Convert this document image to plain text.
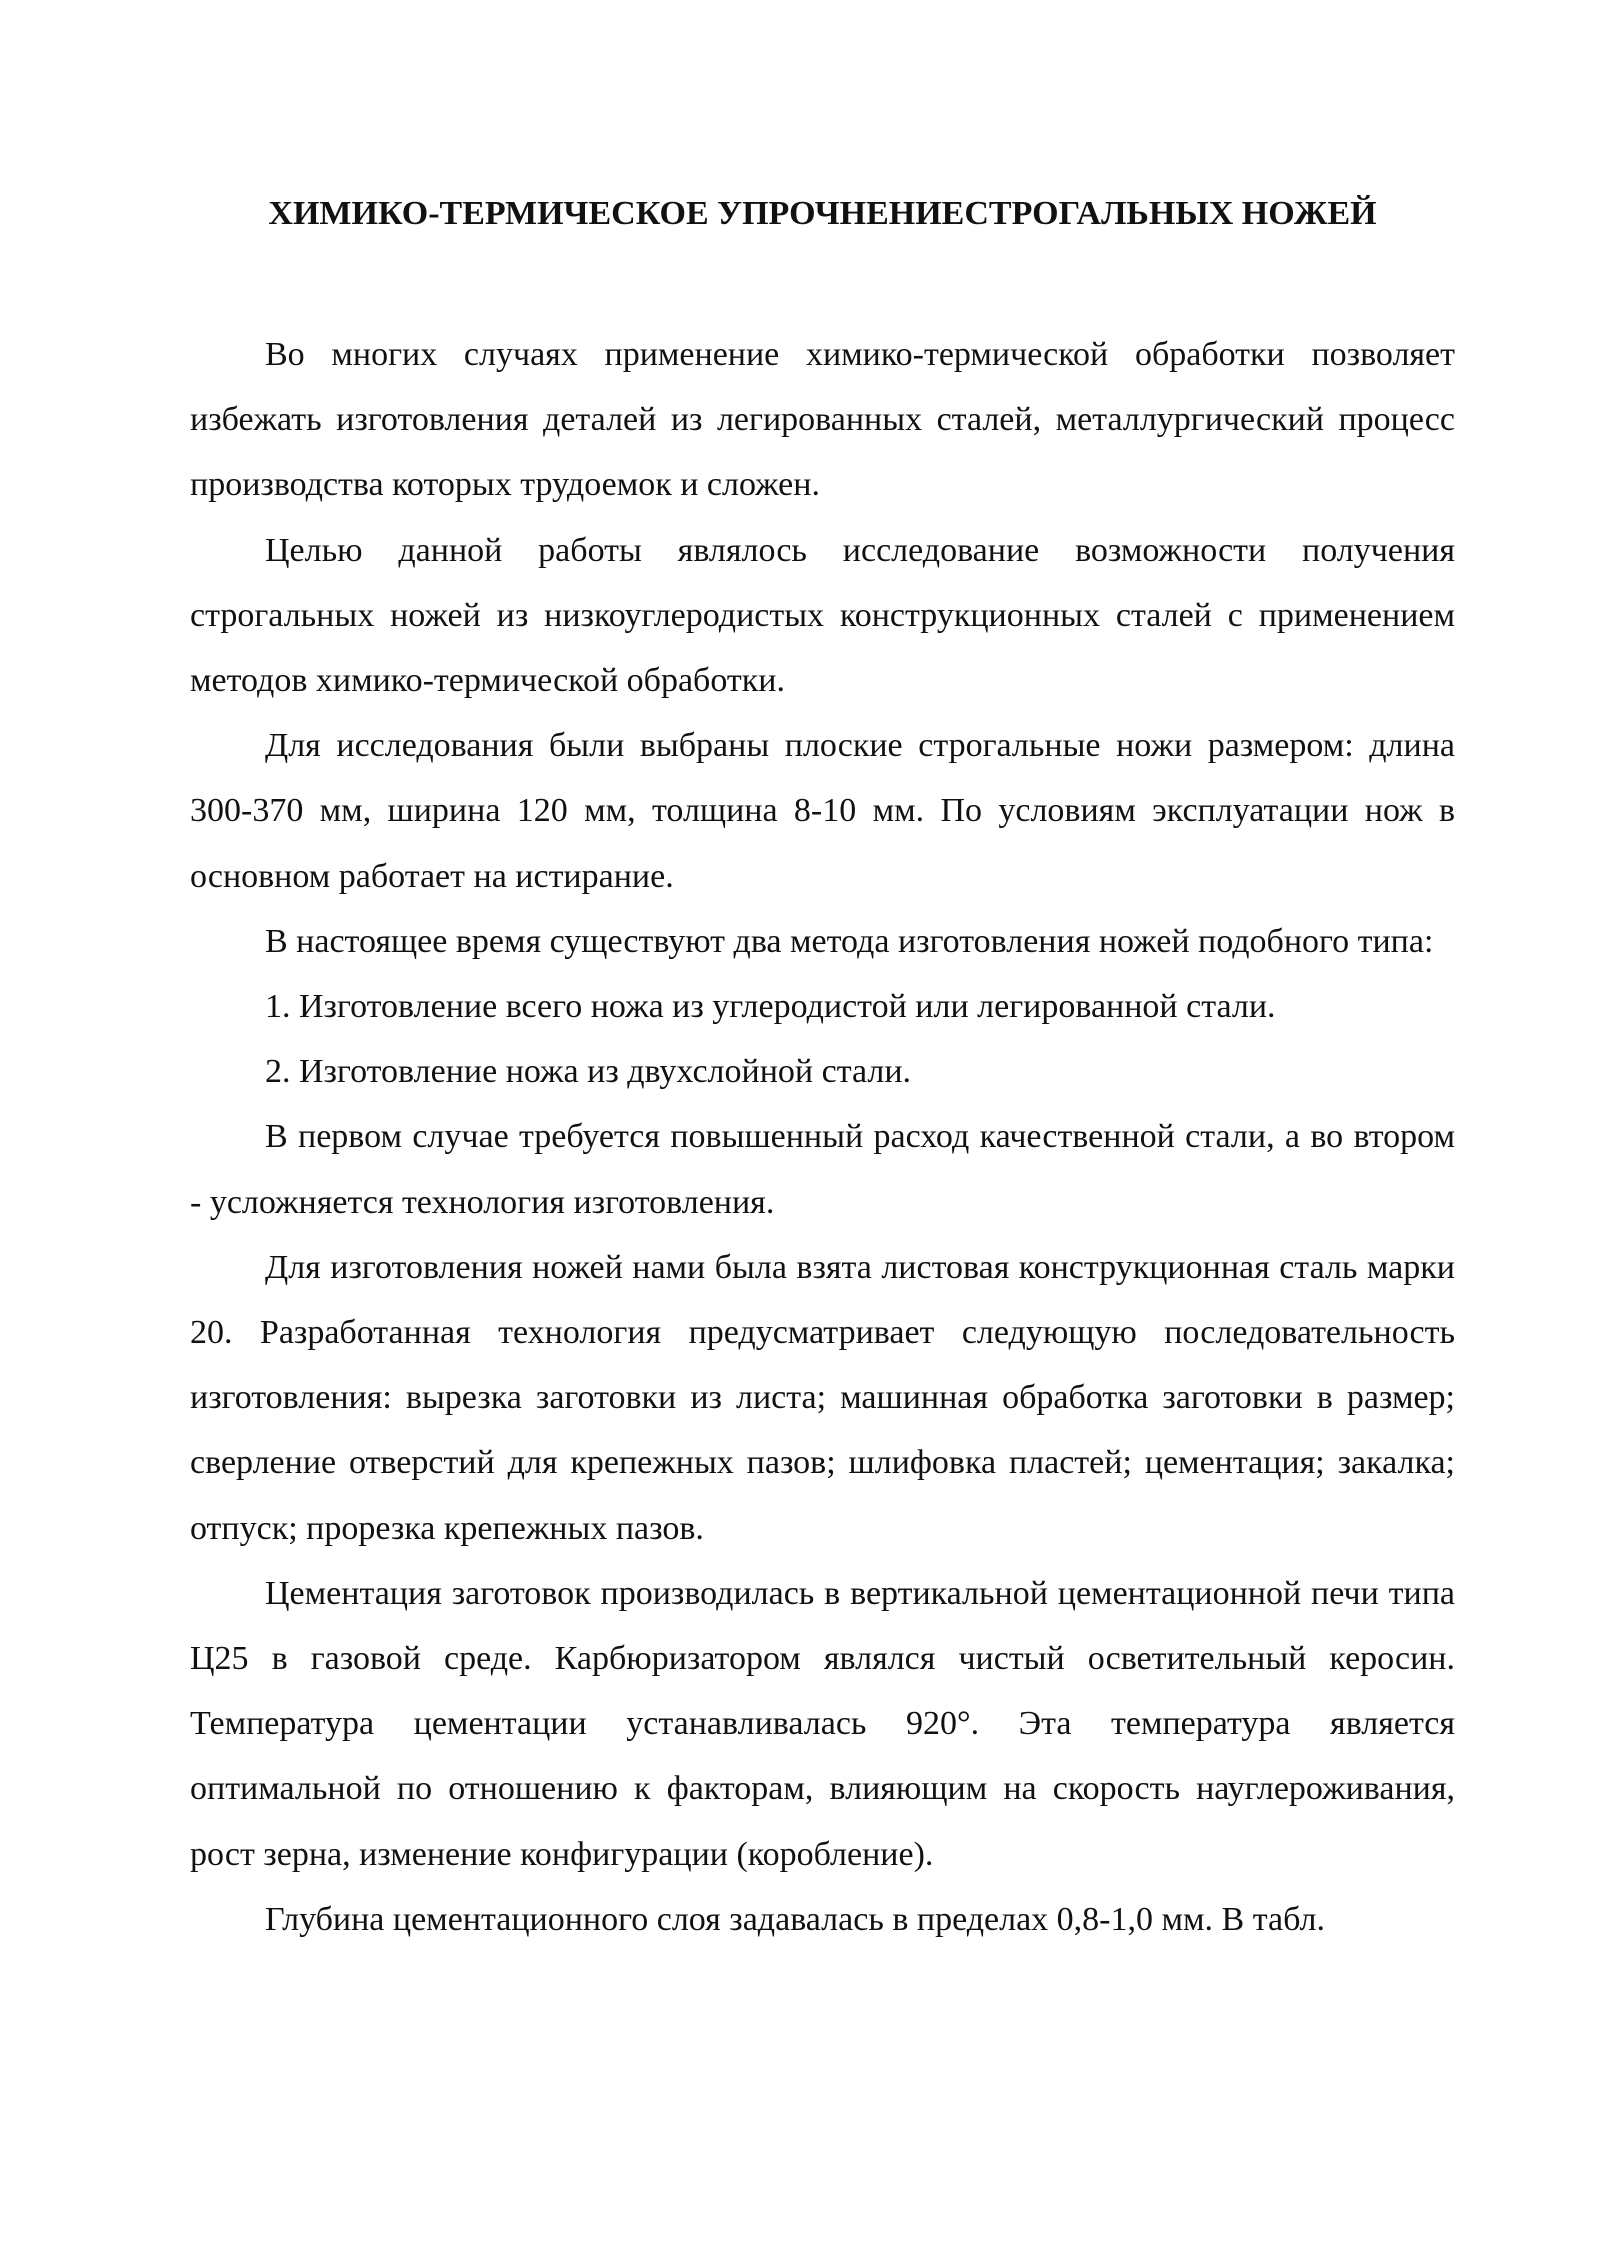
ХИМИКО-ТЕРМИЧЕСКОЕ УПРОЧНЕНИЕСТРОГАЛЬНЫХ НОЖЕЙ

Во многих случаях применение химико-термической обработки позволяет избежать изготовления деталей из легированных сталей, металлургический процесс производства которых трудоемок и сложен.

Целью данной работы являлось исследование возможности получения строгальных ножей из низкоуглеродистых конструкционных сталей с применением методов химико-термической обработки.

Для исследования были выбраны плоские строгальные ножи размером: длина 300-370 мм, ширина 120 мм, толщина 8-10 мм. По условиям эксплуатации нож в основном работает на истирание.

В настоящее время существуют два метода изготовления ножей подобного типа:

1. Изготовление всего ножа из углеродистой или легированной стали.

2. Изготовление ножа из двухслойной стали.

В первом случае требуется повышенный расход качественной стали, а во втором - усложняется технология изготовления.

Для изготовления ножей нами была взята листовая конструкционная сталь марки 20. Разработанная технология предусматривает следующую последовательность изготовления: вырезка заготовки из листа; машинная обработка заготовки в размер; сверление отверстий для крепежных пазов; шлифовка пластей; цементация; закалка; отпуск; прорезка крепежных пазов.

Цементация заготовок производилась в вертикальной цементационной печи типа Ц25 в газовой среде. Карбюризатором являлся чистый осветительный керосин. Температура цементации устанавливалась 920°. Эта температура является оптимальной по отношению к факторам, влияющим на скорость науглероживания, рост зерна, изменение конфигурации (коробление).

Глубина цементационного слоя задавалась в пределах 0,8-1,0 мм. В табл.
